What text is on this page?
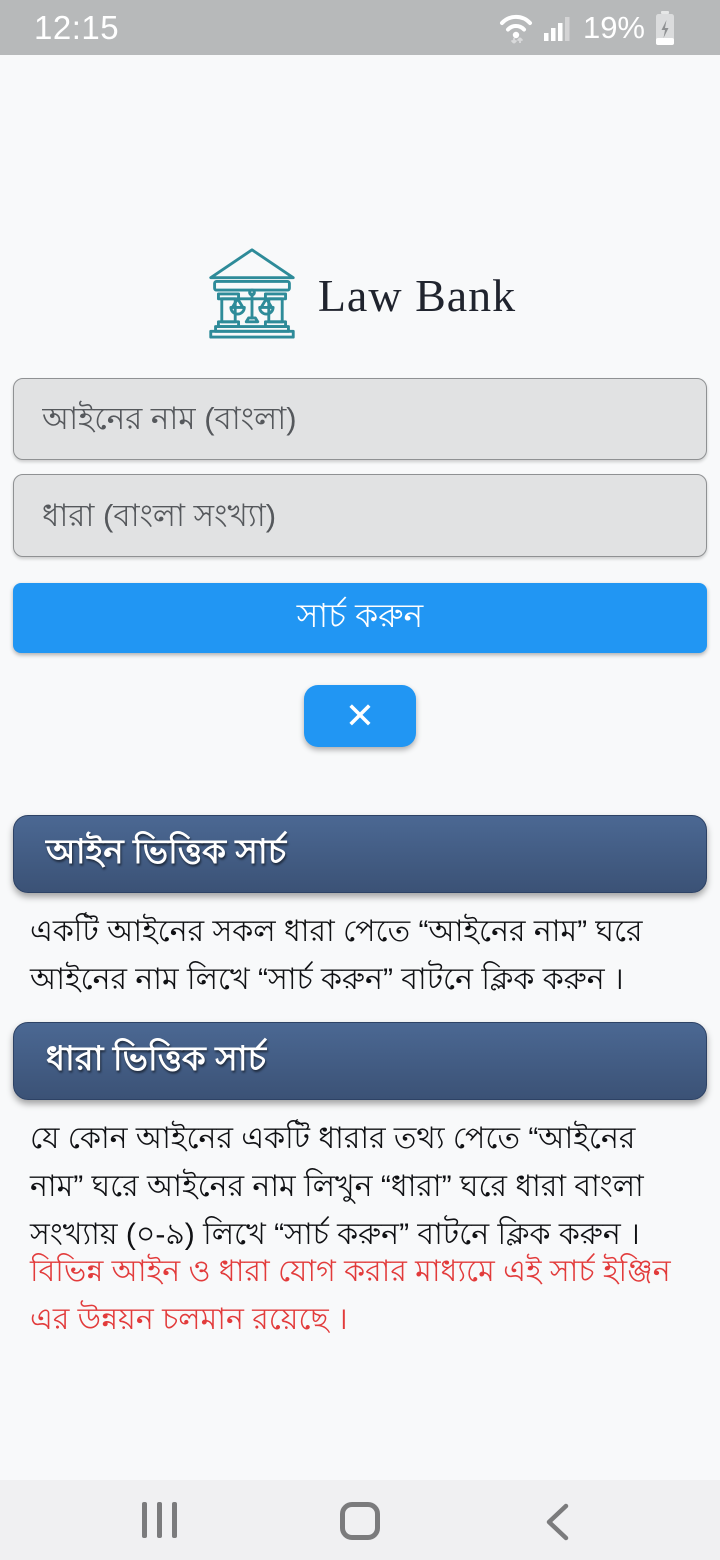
12:15	19%
Law Bank
আইনের নাম (বাংলা)
ধারা (বাংলা সংখ্যা)
সার্চ করুন
✕
আইন ভিত্তিক সার্চ

একটি আইনের সকল ধারা পেতে “আইনের নাম” ঘরে আইনের নাম লিখে “সার্চ করুন” বাটনে ক্লিক করুন ।

ধারা ভিত্তিক সার্চ

যে কোন আইনের একটি ধারার তথ্য পেতে “আইনের নাম” ঘরে আইনের নাম লিখুন “ধারা” ঘরে ধারা বাংলা সংখ্যায় (০-৯) লিখে “সার্চ করুন” বাটনে ক্লিক করুন ।

বিভিন্ন আইন ও ধারা যোগ করার মাধ্যমে এই সার্চ ইঞ্জিন এর উন্নয়ন চলমান রয়েছে ।
